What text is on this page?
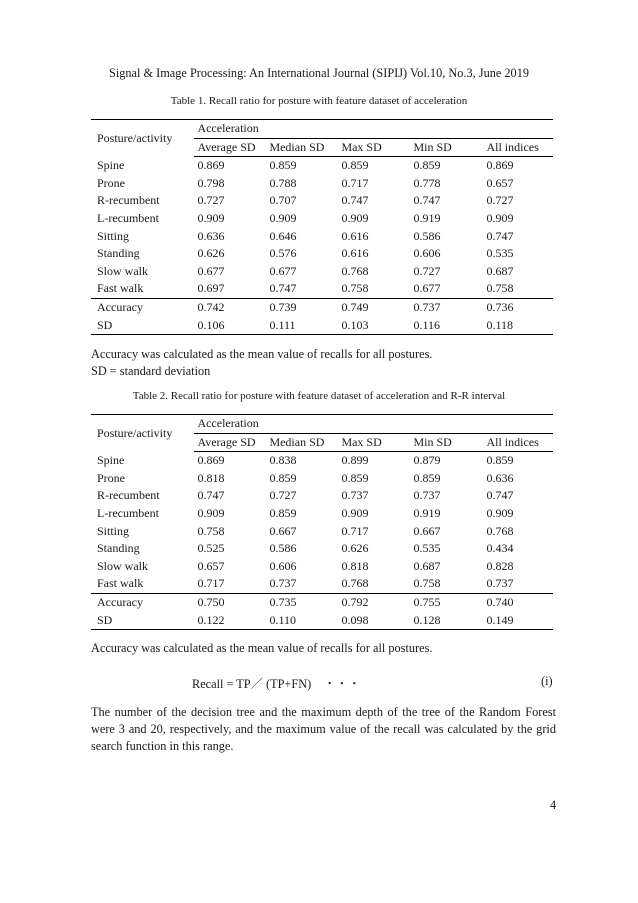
Signal & Image Processing: An International Journal (SIPIJ) Vol.10, No.3, June 2019
Table 1. Recall ratio for posture with feature dataset of acceleration
Posture/activity	Acceleration				
	Average SD	Median SD	Max SD	Min SD	All indices
Spine	0.869	0.859	0.859	0.859	0.869
Prone	0.798	0.788	0.717	0.778	0.657
R-recumbent	0.727	0.707	0.747	0.747	0.727
L-recumbent	0.909	0.909	0.909	0.919	0.909
Sitting	0.636	0.646	0.616	0.586	0.747
Standing	0.626	0.576	0.616	0.606	0.535
Slow walk	0.677	0.677	0.768	0.727	0.687
Fast walk	0.697	0.747	0.758	0.677	0.758
Accuracy	0.742	0.739	0.749	0.737	0.736
SD	0.106	0.111	0.103	0.116	0.118
Accuracy was calculated as the mean value of recalls for all postures.
SD = standard deviation
Table 2. Recall ratio for posture with feature dataset of acceleration and R-R interval
Posture/activity	Acceleration				
	Average SD	Median SD	Max SD	Min SD	All indices
Spine	0.869	0.838	0.899	0.879	0.859
Prone	0.818	0.859	0.859	0.859	0.636
R-recumbent	0.747	0.727	0.737	0.737	0.747
L-recumbent	0.909	0.859	0.909	0.919	0.909
Sitting	0.758	0.667	0.717	0.667	0.768
Standing	0.525	0.586	0.626	0.535	0.434
Slow walk	0.657	0.606	0.818	0.687	0.828
Fast walk	0.717	0.737	0.768	0.758	0.737
Accuracy	0.750	0.735	0.792	0.755	0.740
SD	0.122	0.110	0.098	0.128	0.149
Accuracy was calculated as the mean value of recalls for all postures.
Recall = TP／ (TP+FN)　・・・	(i)
The number of the decision tree and the maximum depth of the tree of the Random Forest were 3 and 20, respectively, and the maximum value of the recall was calculated by the grid search function in this range.
4
